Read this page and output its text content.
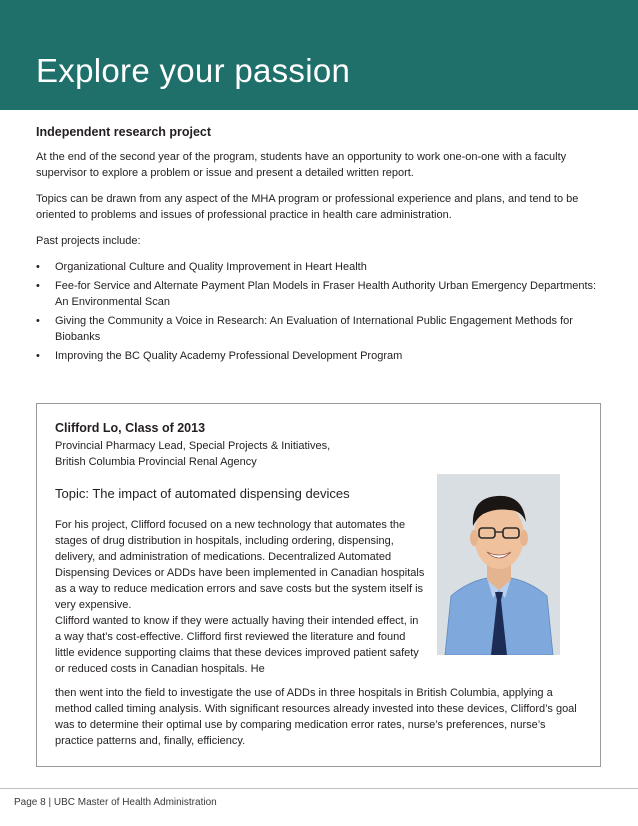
Explore your passion
Independent research project

At the end of the second year of the program, students have an opportunity to work one-on-one with a faculty supervisor to explore a problem or issue and present a detailed written report.

Topics can be drawn from any aspect of the MHA program or professional experience and plans, and tend to be oriented to problems and issues of professional practice in health care administration.

Past projects include:

• Organizational Culture and Quality Improvement in Heart Health
• Fee-for Service and Alternate Payment Plan Models in Fraser Health Authority Urban Emergency Departments: An Environmental Scan
• Giving the Community a Voice in Research: An Evaluation of International Public Engagement Methods for Biobanks
• Improving the BC Quality Academy Professional Development Program
Clifford Lo, Class of 2013
Provincial Pharmacy Lead, Special Projects & Initiatives,
British Columbia Provincial Renal Agency
Topic: The impact of automated dispensing devices
For his project, Clifford focused on a new technology that automates the stages of drug distribution in hospitals, including ordering, dispensing, delivery, and administration of medications. Decentralized Automated Dispensing Devices or ADDs have been implemented in Canadian hospitals as a way to reduce medication errors and save costs but the system itself is very expensive.
Clifford wanted to know if they were actually having their intended effect, in a way that’s cost-effective. Clifford first reviewed the literature and found little evidence supporting claims that these devices improved patient safety or reduced costs in Canadian hospitals. He
then went into the field to investigate the use of ADDs in three hospitals in British Columbia, applying a method called timing analysis. With significant resources already invested into these devices, Clifford’s goal was to determine their optimal use by comparing medication error rates, nurse’s preferences, nurse’s practice patterns and, finally, efficiency.
Page 8 | UBC Master of Health Administration
